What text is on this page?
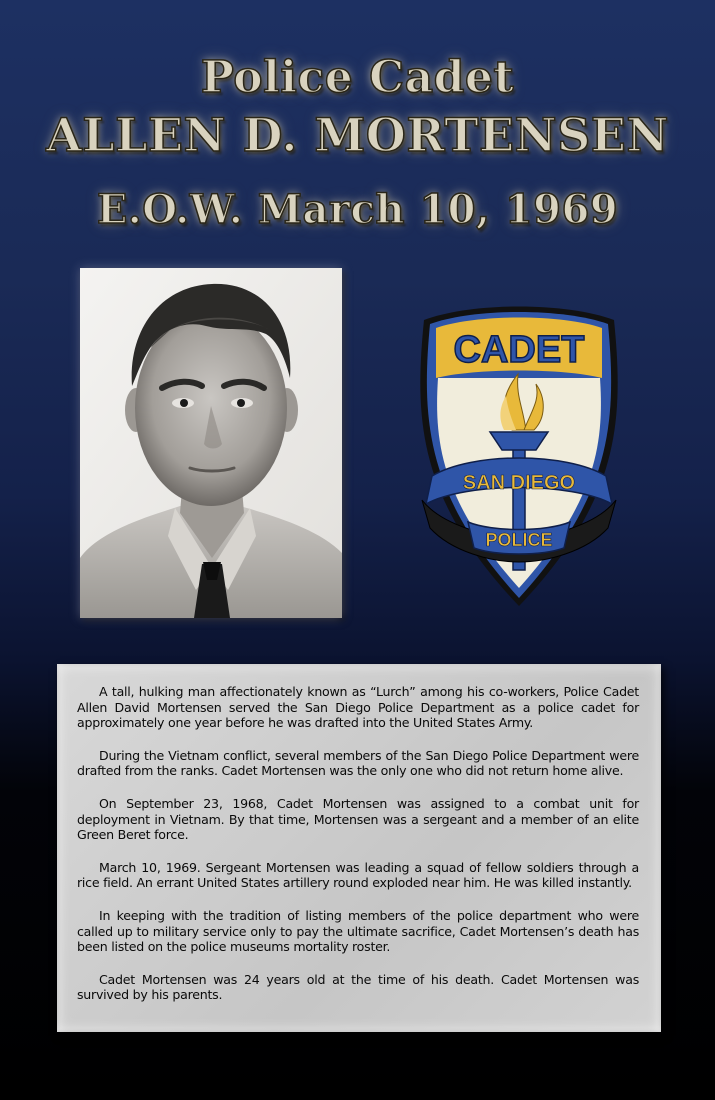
Police Cadet
ALLEN D. MORTENSEN
E.O.W. March 10, 1969
CADET
SAN DIEGO
POLICE

A tall, hulking man affectionately known as “Lurch” among his co-workers, Police Cadet Allen David Mortensen served the San Diego Police Department as a police cadet for approximately one year before he was drafted into the United States Army.

During the Vietnam conflict, several members of the San Diego Police Department were drafted from the ranks. Cadet Mortensen was the only one who did not return home alive.

On September 23, 1968, Cadet Mortensen was assigned to a combat unit for deployment in Vietnam. By that time, Mortensen was a sergeant and a member of an elite Green Beret force.

March 10, 1969. Sergeant Mortensen was leading a squad of fellow soldiers through a rice field. An errant United States artillery round exploded near him. He was killed instantly.

In keeping with the tradition of listing members of the police department who were called up to military service only to pay the ultimate sacrifice, Cadet Mortensen’s death has been listed on the police museums mortality roster.

Cadet Mortensen was 24 years old at the time of his death. Cadet Mortensen was survived by his parents.
